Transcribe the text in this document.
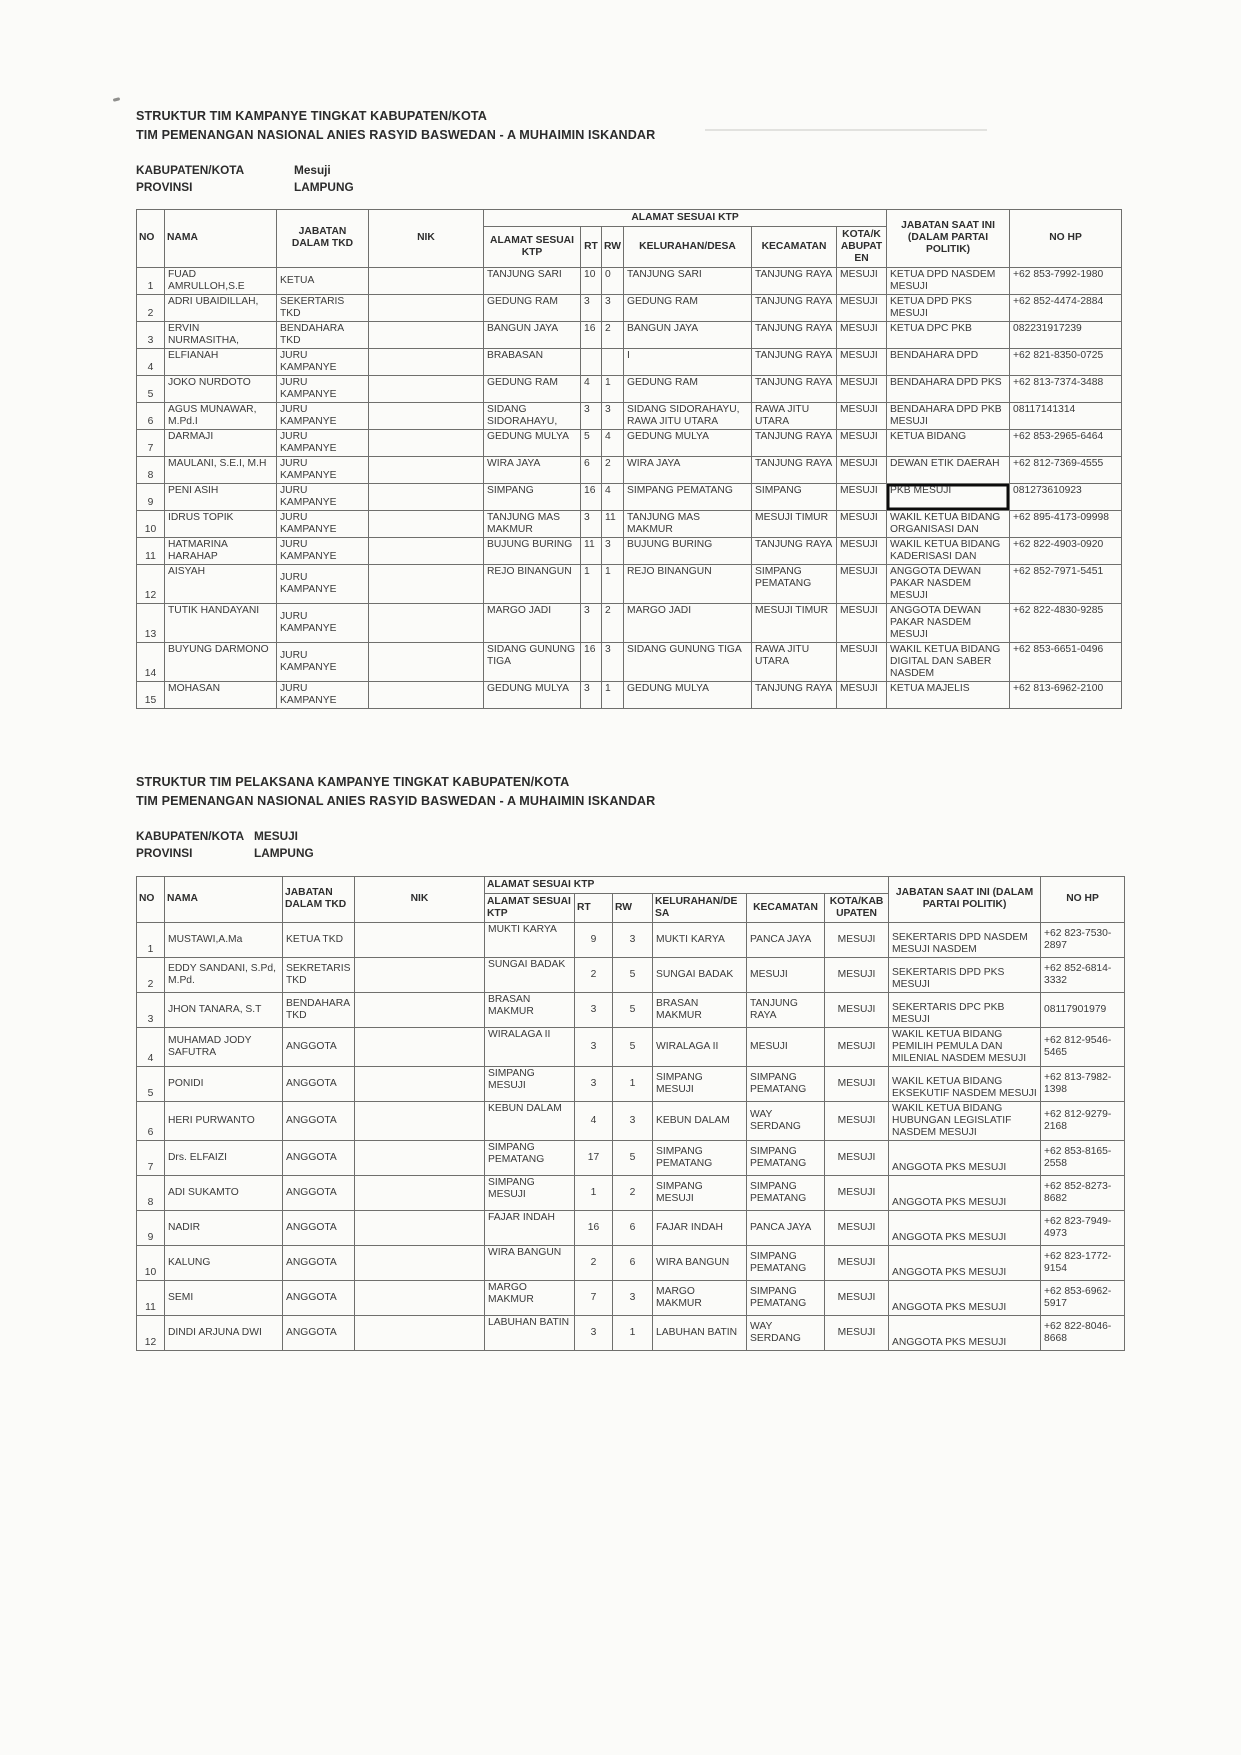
STRUKTUR TIM KAMPANYE TINGKAT KABUPATEN/KOTA
TIM PEMENANGAN NASIONAL ANIES RASYID BASWEDAN - A MUHAIMIN ISKANDAR
KABUPATEN/KOTA	Mesuji
PROVINSI	LAMPUNG
NO	NAMA	JABATAN DALAM TKD	NIK	ALAMAT SESUAI KTP						JABATAN SAAT INI (DALAM PARTAI POLITIK)	NO HP
				ALAMAT SESUAI KTP	RT	RW	KELURAHAN/DESA	KECAMATAN	KOTA/KABUPATEN		
1	FUAD AMRULLOH,S.E	KETUA		TANJUNG SARI	10	0	TANJUNG SARI	TANJUNG RAYA	MESUJI	KETUA DPD NASDEM MESUJI	+62 853-7992-1980
2	ADRI UBAIDILLAH,	SEKERTARIS TKD		GEDUNG RAM	3	3	GEDUNG RAM	TANJUNG RAYA	MESUJI	KETUA DPD PKS MESUJI	+62 852-4474-2884
3	ERVIN NURMASITHA,	BENDAHARA TKD		BANGUN JAYA	16	2	BANGUN JAYA	TANJUNG RAYA	MESUJI	KETUA DPC PKB	082231917239
4	ELFIANAH	JURU KAMPANYE		BRABASAN			I	TANJUNG RAYA	MESUJI	BENDAHARA DPD	+62 821-8350-0725
5	JOKO NURDOTO	JURU KAMPANYE		GEDUNG RAM	4	1	GEDUNG RAM	TANJUNG RAYA	MESUJI	BENDAHARA DPD PKS	+62 813-7374-3488
6	AGUS MUNAWAR, M.Pd.I	JURU KAMPANYE		SIDANG SIDORAHAYU,	3	3	SIDANG SIDORAHAYU, RAWA JITU UTARA	RAWA JITU UTARA	MESUJI	BENDAHARA DPD PKB MESUJI	08117141314
7	DARMAJI	JURU KAMPANYE		GEDUNG MULYA	5	4	GEDUNG MULYA	TANJUNG RAYA	MESUJI	KETUA BIDANG	+62 853-2965-6464
8	MAULANI, S.E.I, M.H	JURU KAMPANYE		WIRA JAYA	6	2	WIRA JAYA	TANJUNG RAYA	MESUJI	DEWAN ETIK DAERAH	+62 812-7369-4555
9	PENI ASIH	JURU KAMPANYE		SIMPANG	16	4	SIMPANG PEMATANG	SIMPANG	MESUJI	PKB MESUJI	081273610923
10	IDRUS TOPIK	JURU KAMPANYE		TANJUNG MAS MAKMUR	3	11	TANJUNG MAS MAKMUR	MESUJI TIMUR	MESUJI	WAKIL KETUA BIDANG ORGANISASI DAN	+62 895-4173-09998
11	HATMARINA HARAHAP	JURU KAMPANYE		BUJUNG BURING	11	3	BUJUNG BURING	TANJUNG RAYA	MESUJI	WAKIL KETUA BIDANG KADERISASI DAN	+62 822-4903-0920
12	AISYAH	JURU KAMPANYE		REJO BINANGUN	1	1	REJO BINANGUN	SIMPANG PEMATANG	MESUJI	ANGGOTA DEWAN PAKAR NASDEM MESUJI	+62 852-7971-5451
13	TUTIK HANDAYANI	JURU KAMPANYE		MARGO JADI	3	2	MARGO JADI	MESUJI TIMUR	MESUJI	ANGGOTA DEWAN PAKAR NASDEM MESUJI	+62 822-4830-9285
14	BUYUNG DARMONO	JURU KAMPANYE		SIDANG GUNUNG TIGA	16	3	SIDANG GUNUNG TIGA	RAWA JITU UTARA	MESUJI	WAKIL KETUA BIDANG DIGITAL DAN SABER NASDEM	+62 853-6651-0496
15	MOHASAN	JURU KAMPANYE		GEDUNG MULYA	3	1	GEDUNG MULYA	TANJUNG RAYA	MESUJI	KETUA MAJELIS	+62 813-6962-2100
STRUKTUR TIM PELAKSANA KAMPANYE TINGKAT KABUPATEN/KOTA
TIM PEMENANGAN NASIONAL ANIES RASYID BASWEDAN - A MUHAIMIN ISKANDAR
KABUPATEN/KOTA MESUJI
PROVINSI	LAMPUNG
NO	NAMA	JABATAN DALAM TKD	NIK	ALAMAT SESUAI KTP						JABATAN SAAT INI (DALAM PARTAI POLITIK)	NO HP
				ALAMAT SESUAI KTP	RT	RW	KELURAHAN/DESA	KECAMATAN	KOTA/KABUPATEN		
1	MUSTAWI,A.Ma	KETUA TKD		MUKTI KARYA	9	3	MUKTI KARYA	PANCA JAYA	MESUJI	SEKERTARIS DPD NASDEM MESUJI NASDEM	+62 823-7530-2897
2	EDDY SANDANI, S.Pd, M.Pd.	SEKRETARIS TKD		SUNGAI BADAK	2	5	SUNGAI BADAK	MESUJI	MESUJI	SEKERTARIS DPD PKS MESUJI	+62 852-6814-3332
3	JHON TANARA, S.T	BENDAHARA TKD		BRASAN MAKMUR	3	5	BRASAN MAKMUR	TANJUNG RAYA	MESUJI	SEKERTARIS DPC PKB MESUJI	08117901979
4	MUHAMAD JODY SAFUTRA	ANGGOTA		WIRALAGA II	3	5	WIRALAGA II	MESUJI	MESUJI	WAKIL KETUA BIDANG PEMILIH PEMULA DAN MILENIAL NASDEM MESUJI	+62 812-9546-5465
5	PONIDI	ANGGOTA		SIMPANG MESUJI	3	1	SIMPANG MESUJI	SIMPANG PEMATANG	MESUJI	WAKIL KETUA BIDANG EKSEKUTIF NASDEM MESUJI	+62 813-7982-1398
6	HERI PURWANTO	ANGGOTA		KEBUN DALAM	4	3	KEBUN DALAM	WAY SERDANG	MESUJI	WAKIL KETUA BIDANG HUBUNGAN LEGISLATIF NASDEM MESUJI	+62 812-9279-2168
7	Drs. ELFAIZI	ANGGOTA		SIMPANG PEMATANG	17	5	SIMPANG PEMATANG	SIMPANG PEMATANG	MESUJI	ANGGOTA PKS MESUJI	+62 853-8165-2558
8	ADI SUKAMTO	ANGGOTA		SIMPANG MESUJI	1	2	SIMPANG MESUJI	SIMPANG PEMATANG	MESUJI	ANGGOTA PKS MESUJI	+62 852-8273-8682
9	NADIR	ANGGOTA		FAJAR INDAH	16	6	FAJAR INDAH	PANCA JAYA	MESUJI	ANGGOTA PKS MESUJI	+62 823-7949-4973
10	KALUNG	ANGGOTA		WIRA BANGUN	2	6	WIRA BANGUN	SIMPANG PEMATANG	MESUJI	ANGGOTA PKS MESUJI	+62 823-1772-9154
11	SEMI	ANGGOTA		MARGO MAKMUR	7	3	MARGO MAKMUR	SIMPANG PEMATANG	MESUJI	ANGGOTA PKS MESUJI	+62 853-6962-5917
12	DINDI ARJUNA DWI	ANGGOTA		LABUHAN BATIN	3	1	LABUHAN BATIN	WAY SERDANG	MESUJI	ANGGOTA PKS MESUJI	+62 822-8046-8668
